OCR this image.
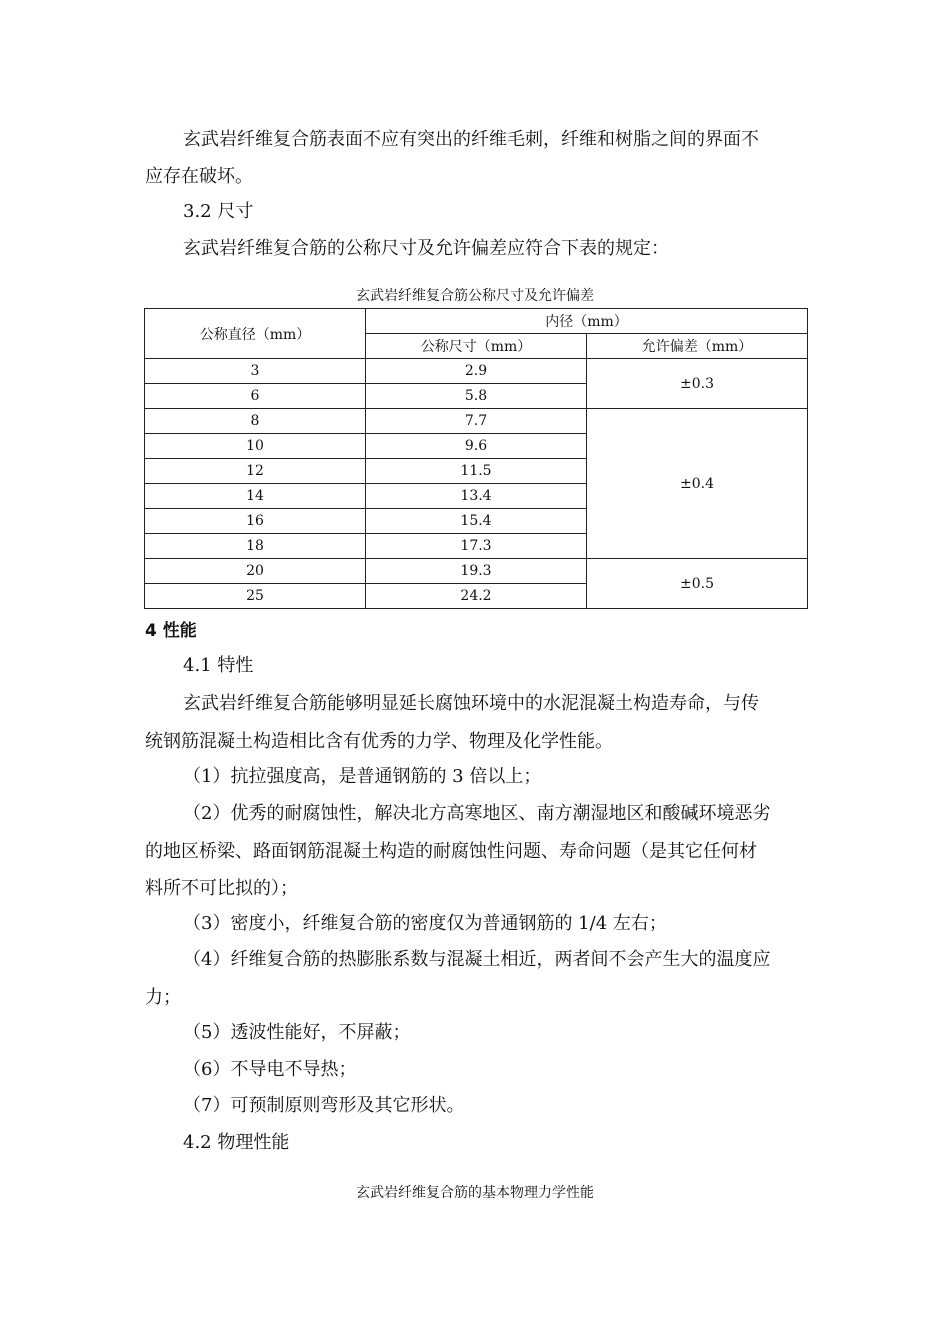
玄武岩纤维复合筋表面不应有突出的纤维毛刺，纤维和树脂之间的界面不
应存在破坏。
3.2 尺寸
玄武岩纤维复合筋的公称尺寸及允许偏差应符合下表的规定：
玄武岩纤维复合筋公称尺寸及允许偏差
公称直径（mm）	内径（mm）	
	公称尺寸（mm）	允许偏差（mm）
3	2.9	±0.3
6	5.8	
8	7.7	±0.4
10	9.6	
12	11.5	
14	13.4	
16	15.4	
18	17.3	
20	19.3	±0.5
25	24.2	
4 性能
4.1 特性
玄武岩纤维复合筋能够明显延长腐蚀环境中的水泥混凝土构造寿命，与传
统钢筋混凝土构造相比含有优秀的力学、物理及化学性能。
（1）抗拉强度高，是普通钢筋的 3 倍以上；
（2）优秀的耐腐蚀性，解决北方高寒地区、南方潮湿地区和酸碱环境恶劣
的地区桥梁、路面钢筋混凝土构造的耐腐蚀性问题、寿命问题（是其它任何材
料所不可比拟的）；
（3）密度小，纤维复合筋的密度仅为普通钢筋的 1/4 左右；
（4）纤维复合筋的热膨胀系数与混凝土相近，两者间不会产生大的温度应
力；
（5）透波性能好，不屏蔽；
（6）不导电不导热；
（7）可预制原则弯形及其它形状。
4.2 物理性能
玄武岩纤维复合筋的基本物理力学性能
